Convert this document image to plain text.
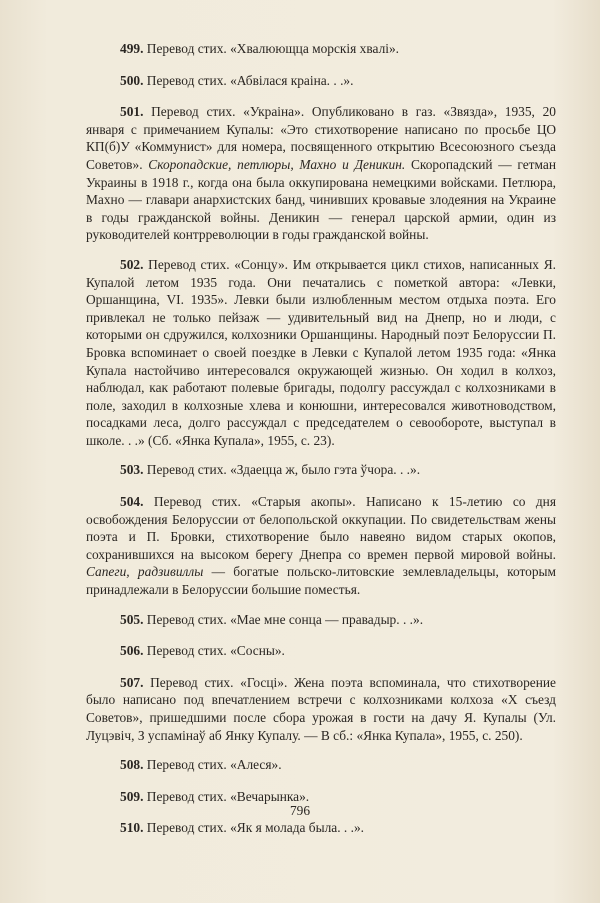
499. Перевод стих. «Хвалюющца морскія хвалі».

500. Перевод стих. «Абвілася краіна. . .».

501. Перевод стих. «Украіна». Опубликовано в газ. «Звязда», 1935, 20 января с примечанием Купалы: «Это стихотворение написано по просьбе ЦО КП(б)У «Коммунист» для номера, посвященного открытию Всесоюзного съезда Советов». Скоропадские, петлюры, Махно и Деникин. Скоропадский — гетман Украины в 1918 г., когда она была оккупирована немецкими войсками. Петлюра, Махно — главари анархистских банд, чинивших кровавые злодеяния на Украине в годы гражданской войны. Деникин — генерал царской армии, один из руководителей контрреволюции в годы гражданской войны.

502. Перевод стих. «Сонцу». Им открывается цикл стихов, написанных Я. Купалой летом 1935 года. Они печатались с пометкой автора: «Левки, Оршанщина, VI. 1935». Левки были излюбленным местом отдыха поэта. Его привлекал не только пейзаж — удивительный вид на Днепр, но и люди, с которыми он сдружился, колхозники Оршанщины. Народный поэт Белоруссии П. Бровка вспоминает о своей поездке в Левки с Купалой летом 1935 года: «Янка Купала настойчиво интересовался окружающей жизнью. Он ходил в колхоз, наблюдал, как работают полевые бригады, подолгу рассуждал с колхозниками в поле, заходил в колхозные хлева и конюшни, интересовался животноводством, посадками леса, долго рассуждал с председателем о севообороте, выступал в школе. . .» (Сб. «Янка Купала», 1955, с. 23).

503. Перевод стих. «Здаецца ж, было гэта ўчора. . .».

504. Перевод стих. «Старыя акопы». Написано к 15-летию со дня освобождения Белоруссии от белопольской оккупации. По свидетельствам жены поэта и П. Бровки, стихотворение было навеяно видом старых окопов, сохранившихся на высоком берегу Днепра со времен первой мировой войны. Сапеги, радзивиллы — богатые польско-литовские землевладельцы, которым принадлежали в Белоруссии большие поместья.

505. Перевод стих. «Мае мне сонца — правадыр. . .».

506. Перевод стих. «Сосны».

507. Перевод стих. «Госці». Жена поэта вспоминала, что стихотворение было написано под впечатлением встречи с колхозниками колхоза «X съезд Советов», пришедшими после сбора урожая в гости на дачу Я. Купалы (Ул. Луцэвіч, З успамінаў аб Янку Купалу. — В сб.: «Янка Купала», 1955, с. 250).

508. Перевод стих. «Алеся».

509. Перевод стих. «Вечарынка».

510. Перевод стих. «Як я молада была. . .».

796
